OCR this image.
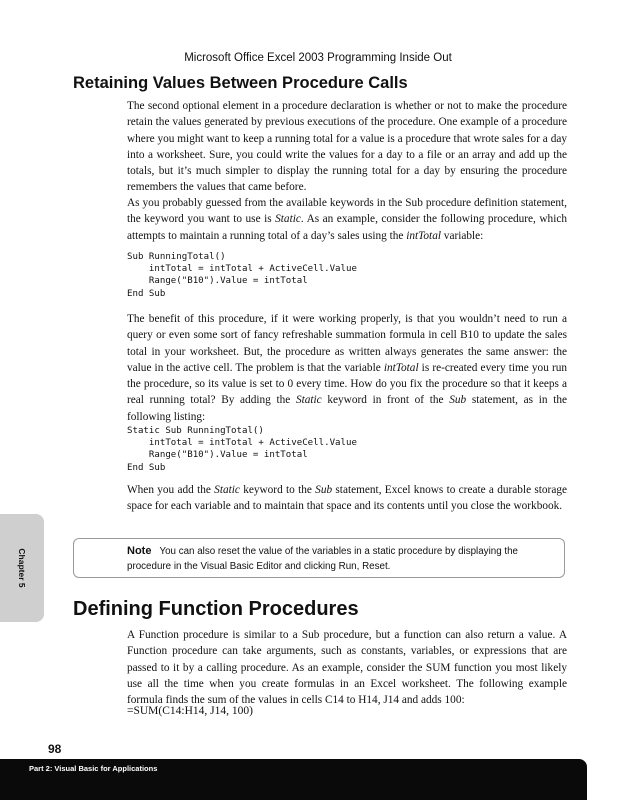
Microsoft Office Excel 2003 Programming Inside Out
Retaining Values Between Procedure Calls

The second optional element in a procedure declaration is whether or not to make the procedure retain the values generated by previous executions of the procedure. One example of a procedure where you might want to keep a running total for a value is a procedure that wrote sales for a day into a worksheet. Sure, you could write the values for a day to a file or an array and add up the totals, but it’s much simpler to display the running total for a day by ensuring the procedure remembers the values that came before.

As you probably guessed from the available keywords in the Sub procedure definition statement, the keyword you want to use is Static. As an example, consider the following procedure, which attempts to maintain a running total of a day’s sales using the intTotal variable:

Sub RunningTotal()
intTotal = intTotal + ActiveCell.Value
Range("B10").Value = intTotal
End Sub

The benefit of this procedure, if it were working properly, is that you wouldn’t need to run a query or even some sort of fancy refreshable summation formula in cell B10 to update the sales total in your worksheet. But, the procedure as written always generates the same answer: the value in the active cell. The problem is that the variable intTotal is re-created every time you run the procedure, so its value is set to 0 every time. How do you fix the procedure so that it keeps a real running total? By adding the Static keyword in front of the Sub statement, as in the following listing:

Static Sub RunningTotal()
intTotal = intTotal + ActiveCell.Value
Range("B10").Value = intTotal
End Sub

When you add the Static keyword to the Sub statement, Excel knows to create a durable storage space for each variable and to maintain that space and its contents until you close the workbook.

Note You can also reset the value of the variables in a static procedure by displaying the procedure in the Visual Basic Editor and clicking Run, Reset.

Defining Function Procedures

A Function procedure is similar to a Sub procedure, but a function can also return a value. A Function procedure can take arguments, such as constants, variables, or expressions that are passed to it by a calling procedure. As an example, consider the SUM function you most likely use all the time when you create formulas in an Excel worksheet. The following example formula finds the sum of the values in cells C14 to H14, J14 and adds 100:

=SUM(C14:H14, J14, 100)

Chapter 5
98
Part 2: Visual Basic for Applications
